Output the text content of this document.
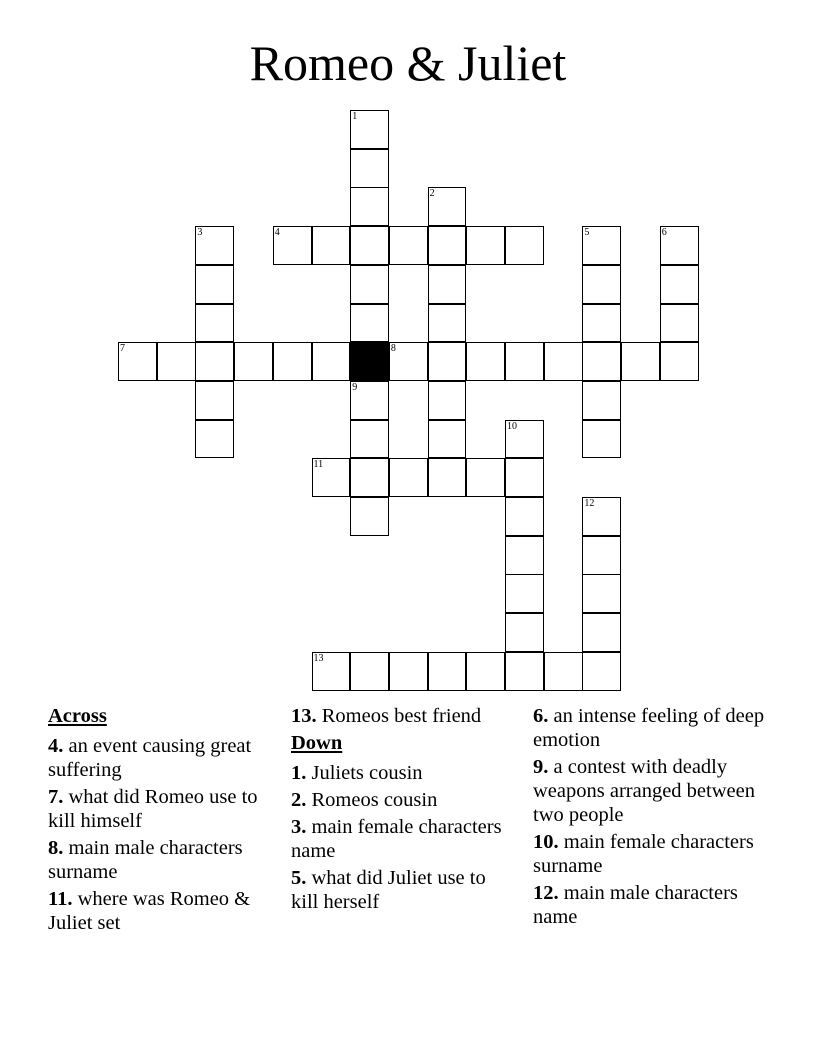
Romeo & Juliet
1
2
3	4	5	6
7	8
9
10
11
12
13
Across
4. an event causing great suffering
7. what did Romeo use to kill himself
8. main male characters surname
11. where was Romeo & Juliet set
13. Romeos best friend
Down
1. Juliets cousin
2. Romeos cousin
3. main female characters name
5. what did Juliet use to kill herself
6. an intense feeling of deep emotion
9. a contest with deadly weapons arranged between two people
10. main female characters surname
12. main male characters name
